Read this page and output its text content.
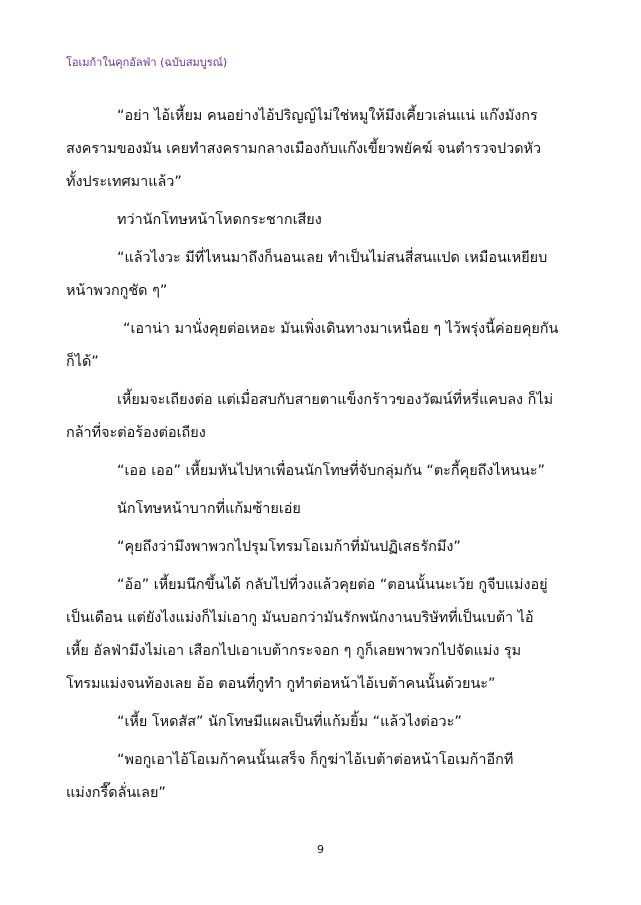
โอเมก้าในคุกอัลฟ่า (ฉบับสมบูรณ์)
“อย่า ไอ้เหี้ยม คนอย่างไอ้ปริญญ์ไม่ใช่หมูให้มึงเคี้ยวเล่นแน่ แก๊งมังกร
สงครามของมัน เคยทำสงครามกลางเมืองกับแก๊งเขี้ยวพยัคฆ์ จนตำรวจปวดหัว
ทั้งประเทศมาแล้ว”
ทว่านักโทษหน้าโหดกระชากเสียง
“แล้วไงวะ มีที่ไหนมาถึงก็นอนเลย ทำเป็นไม่สนสี่สนแปด เหมือนเหยียบ
หน้าพวกกูชัด ๆ”
“เอาน่า มานั่งคุยต่อเหอะ มันเพิ่งเดินทางมาเหนื่อย ๆ ไว้พรุ่งนี้ค่อยคุยกัน
ก็ได้”
เหี้ยมจะเถียงต่อ แต่เมื่อสบกับสายตาแข็งกร้าวของวัฒน์ที่หรี่แคบลง ก็ไม่
กล้าที่จะต่อร้องต่อเถียง
“เออ เออ” เหี้ยมหันไปหาเพื่อนนักโทษที่จับกลุ่มกัน “ตะกี้คุยถึงไหนนะ”
นักโทษหน้าบากที่แก้มซ้ายเอ่ย
“คุยถึงว่ามึงพาพวกไปรุมโทรมโอเมก้าที่มันปฏิเสธรักมึง”
“อ้อ” เหี้ยมนึกขึ้นได้ กลับไปที่วงแล้วคุยต่อ “ตอนนั้นนะเว้ย กูจีบแม่งอยู่
เป็นเดือน แต่ยังไงแม่งก็ไม่เอากู มันบอกว่ามันรักพนักงานบริษัทที่เป็นเบต้า ไอ้
เหี้ย อัลฟ่ามึงไม่เอา เสือกไปเอาเบต้ากระจอก ๆ กูก็เลยพาพวกไปจัดแม่ง รุม
โทรมแม่งจนท้องเลย อ้อ ตอนที่กูทำ กูทำต่อหน้าไอ้เบต้าคนนั้นด้วยนะ”
“เหี้ย โหดสัส” นักโทษมีแผลเป็นที่แก้มยิ้ม “แล้วไงต่อวะ”
“พอกูเอาไอ้โอเมก้าคนนั้นเสร็จ ก็กูฆ่าไอ้เบต้าต่อหน้าโอเมก้าอีกที
แม่งกรี๊ดลั่นเลย”
9
